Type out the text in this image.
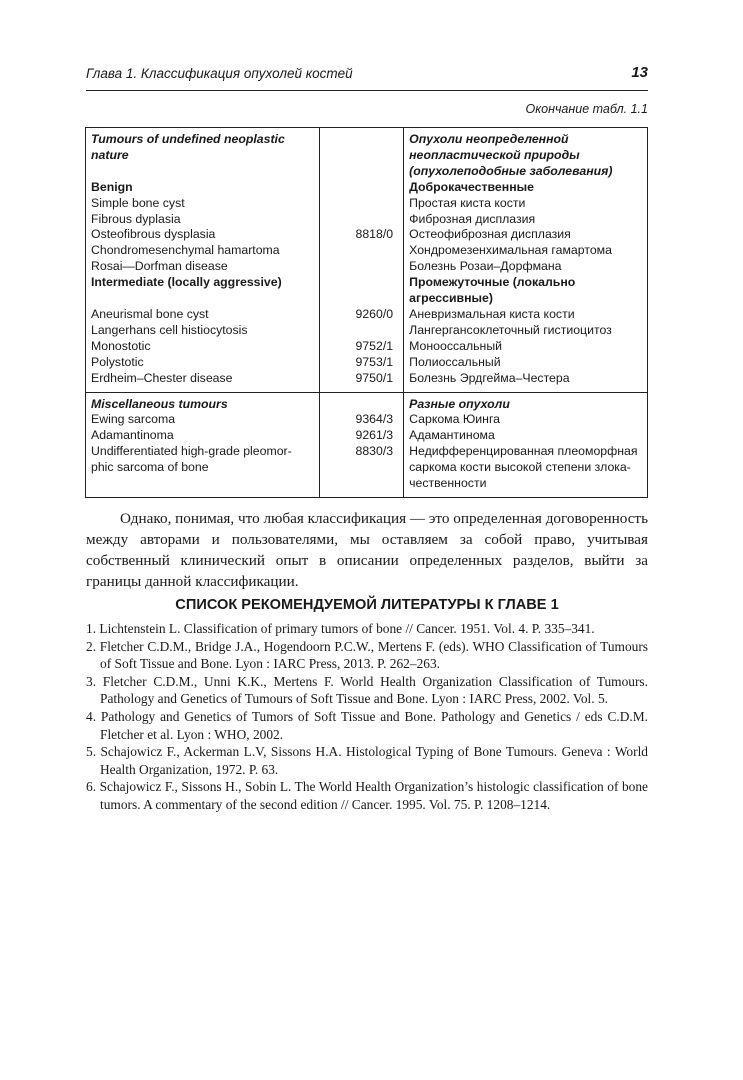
Глава 1. Классификация опухолей костей	13
Окончание табл. 1.1
Tumours of undefined neoplastic nature		Опухоли неопределенной неопластической природы (опухолеподобные заболевания)
Benign		Доброкачественные
Simple bone cyst		Простая киста кости
Fibrous dyplasia		Фиброзная дисплазия
Osteofibrous dysplasia	8818/0	Остеофиброзная дисплазия
Chondromesenchymal hamartoma		Хондромезенхимальная гамартома
Rosai—Dorfman disease		Болезнь Розаи–Дорфмана
Intermediate (locally aggressive)		Промежуточные (локально агрессивные)
Aneurismal bone cyst	9260/0	Аневризмальная киста кости
Langerhans cell histiocytosis		Лангергансоклеточный гистиоцитоз
Monostotic	9752/1	Монооссальный
Polystotic	9753/1	Полиоссальный
Erdheim–Chester disease	9750/1	Болезнь Эрдгейма–Честера
Miscellaneous tumours		Разные опухоли
Ewing sarcoma	9364/3	Саркома Юинга
Adamantinoma	9261/3	Адамантинома
Undifferentiated high-grade pleomor- phic sarcoma of bone	8830/3	Недифференцированная плеоморфная саркома кости высокой степени злока- чественности

Однако, понимая, что любая классификация — это определенная договоренность между авторами и пользователями, мы оставляем за собой право, учитывая собственный клинический опыт в описании определенных разделов, выйти за границы данной классификации.

СПИСОК РЕКОМЕНДУЕМОЙ ЛИТЕРАТУРЫ К ГЛАВЕ 1
1. Lichtenstein L. Classification of primary tumors of bone // Cancer. 1951. Vol. 4. P. 335–341.
2. Fletcher C.D.M., Bridge J.A., Hogendoorn P.C.W., Mertens F. (eds). WHO Classification of Tumours of Soft Tissue and Bone. Lyon : IARC Press, 2013. P. 262–263.
3. Fletcher C.D.M., Unni K.K., Mertens F. World Health Organization Classification of Tumours. Pathology and Genetics of Tumours of Soft Tissue and Bone. Lyon : IARC Press, 2002. Vol. 5.
4. Pathology and Genetics of Tumors of Soft Tissue and Bone. Pathology and Genetics / eds C.D.M. Fletcher et al. Lyon : WHO, 2002.
5. Schajowicz F., Ackerman L.V, Sissons H.A. Histological Typing of Bone Tumours. Geneva : World Health Organization, 1972. P. 63.
6. Schajowicz F., Sissons H., Sobin L. The World Health Organization’s histologic classification of bone tumors. A commentary of the second edition // Cancer. 1995. Vol. 75. P. 1208–1214.
